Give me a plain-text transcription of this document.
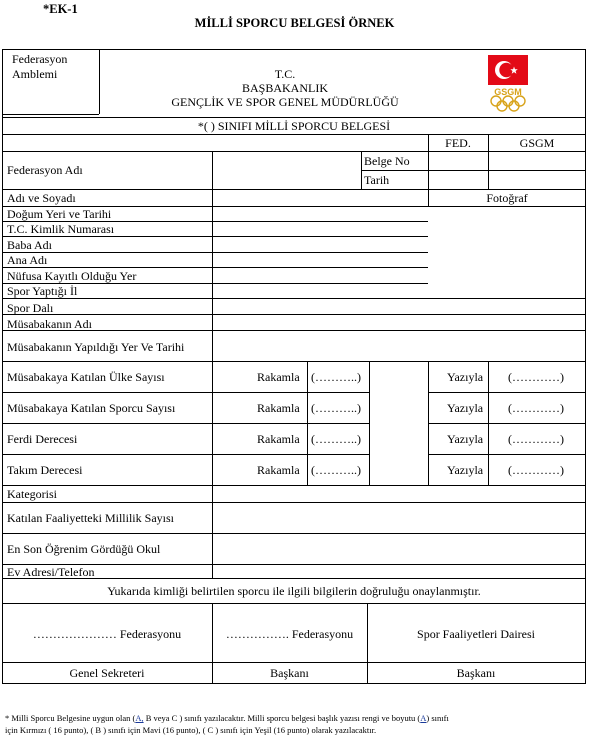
*EK-1
MİLLİ SPORCU BELGESİ ÖRNEK
Federasyon
Amblemi	T.C.
BAŞBAKANLIK
GENÇLİK VE SPOR GENEL MÜDÜRLÜĞÜ
GSGM
*( ) SINIFI MİLLİ SPORCU BELGESİ
FED.	GSGM
Federasyon Adı
Belge No
Tarih
Fotoğraf
Adı ve Soyadı
Doğum Yeri ve Tarihi
T.C. Kimlik Numarası
Baba Adı
Ana Adı
Nüfusa Kayıtlı Olduğu Yer
Spor Yaptığı İl
Spor Dalı
Müsabakanın Adı
Müsabakanın Yapıldığı Yer Ve Tarihi
Müsabakaya Katılan Ülke Sayısı	Rakamla (………..)	Yazıyla (…………)
Müsabakaya Katılan Sporcu Sayısı	Rakamla (………..)	Yazıyla (…………)
Ferdi Derecesi	Rakamla (………..)	Yazıyla (…………)
Takım Derecesi	Rakamla (………..)	Yazıyla (…………)
Kategorisi
Katılan Faaliyetteki Millilik Sayısı
En Son Öğrenim Gördüğü Okul
Ev Adresi/Telefon
Yukarıda kimliği belirtilen sporcu ile ilgili bilgilerin doğruluğu onaylanmıştır.
………………… Federasyonu	……………. Federasyonu	Spor Faaliyetleri Dairesi
Genel Sekreteri	Başkanı	Başkanı
* Milli Sporcu Belgesine uygun olan (A, B veya C ) sınıfı yazılacaktır. Milli sporcu belgesi başlık yazısı rengi ve boyutu (A) sınıfı
için Kırmızı ( 16 punto), ( B ) sınıfı için Mavi (16 punto), ( C ) sınıfı için Yeşil (16 punto) olarak yazılacaktır.
